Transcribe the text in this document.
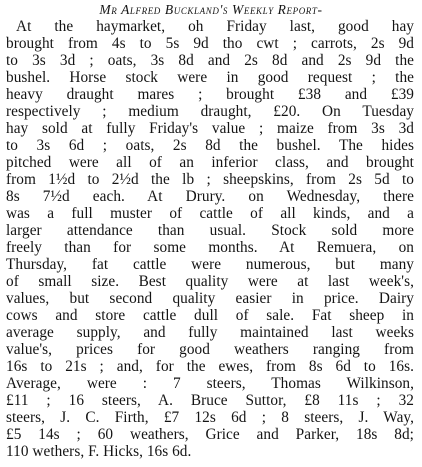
Mr Alfred Buckland's Weekly Report-
At the haymarket, oh Friday last, good hay
brought from 4s to 5s 9d tho cwt ; carrots, 2s 9d
to 3s 3d ; oats, 3s 8d and 2s 8d and 2s 9d the
bushel. Horse stock were in good request ; the
heavy draught mares ; brought £38 and £39
respectively ; medium draught, £20. On Tuesday
hay sold at fully Friday's value ; maize from 3s 3d
to 3s 6d ; oats, 2s 8d the bushel. The hides
pitched were all of an inferior class, and brought
from 1½d to 2½d the lb ; sheepskins, from 2s 5d to
8s 7½d each. At Drury. on Wednesday, there
was a full muster of cattle of all kinds, and a
larger attendance than usual. Stock sold more
freely than for some months. At Remuera, on
Thursday, fat cattle were numerous, but many
of small size. Best quality were at last week's,
values, but second quality easier in price. Dairy
cows and store cattle dull of sale. Fat sheep in
average supply, and fully maintained last weeks
value's, prices for good weathers ranging from
16s to 21s ; and, for the ewes, from 8s 6d to 16s.
Average, were : 7 steers, Thomas Wilkinson,
£11 ; 16 steers, A. Bruce Suttor, £8 11s ; 32
steers, J. C. Firth, £7 12s 6d ; 8 steers, J. Way,
£5 14s ; 60 weathers, Grice and Parker, 18s 8d;
110 wethers, F. Hicks, 16s 6d.
